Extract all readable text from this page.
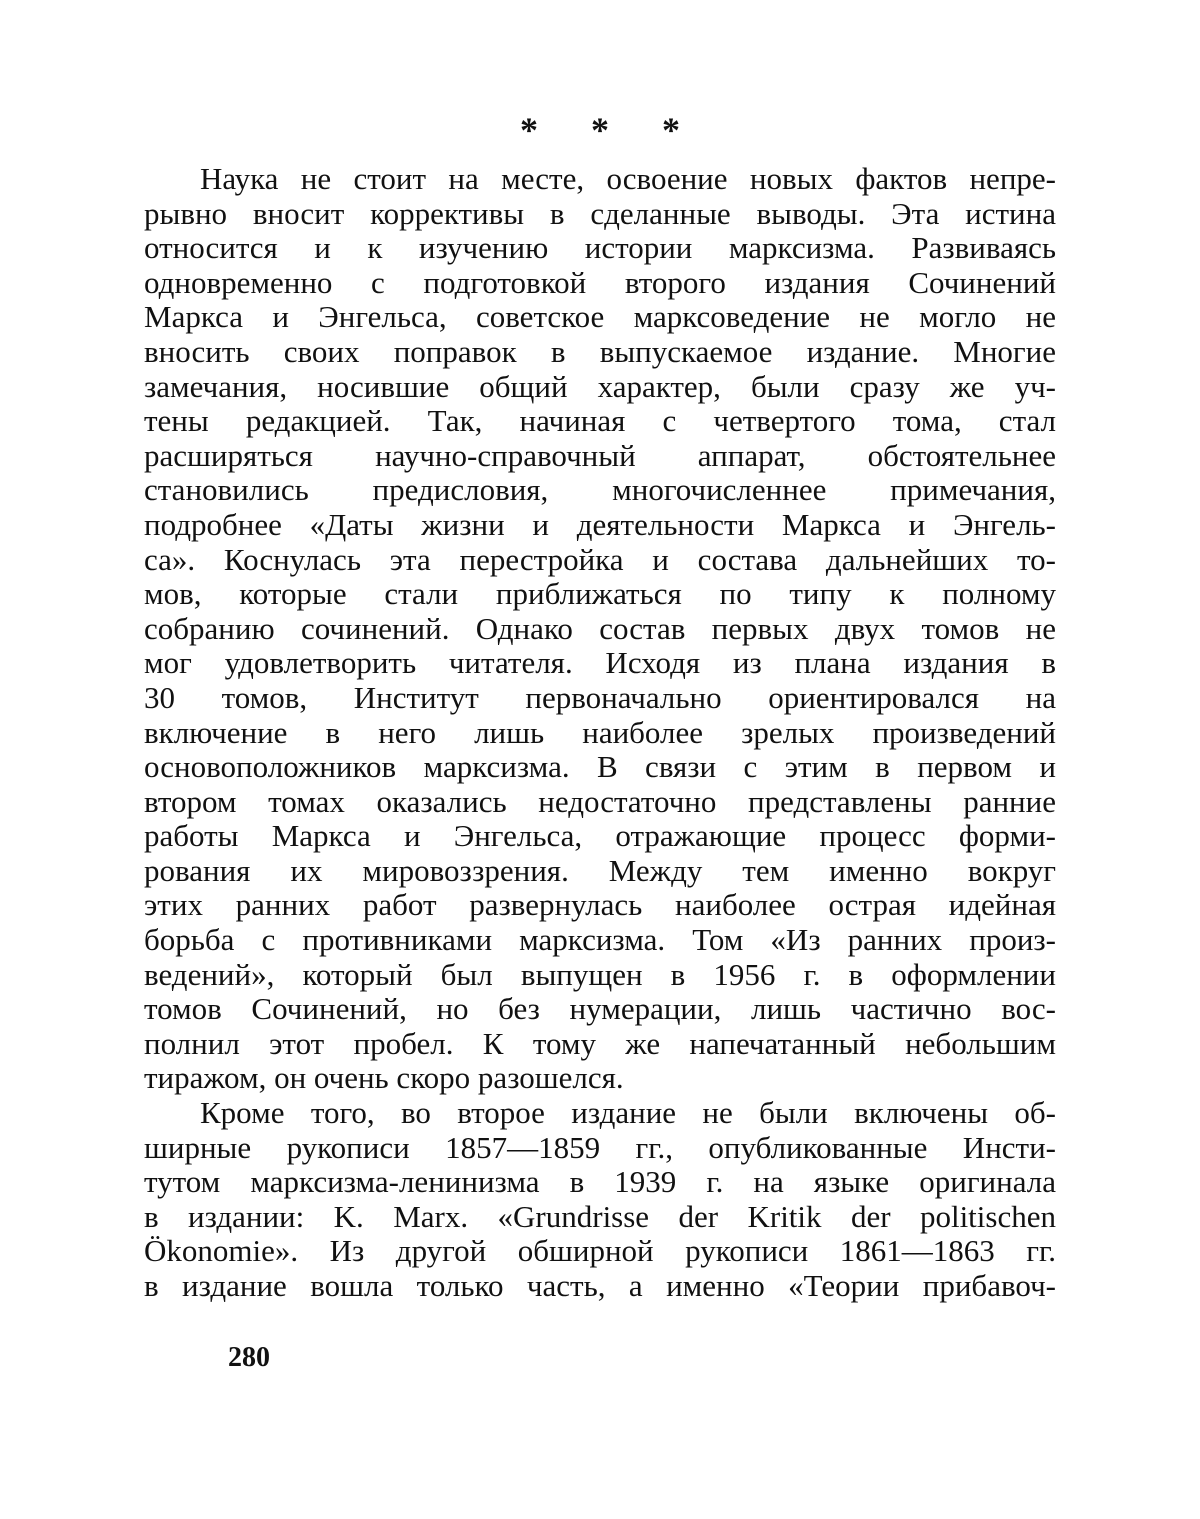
* * *
Наука не стоит на месте, освоение новых фактов непре-
рывно вносит коррективы в сделанные выводы. Эта истина
относится и к изучению истории марксизма. Развиваясь
одновременно с подготовкой второго издания Сочинений
Маркса и Энгельса, советское марксоведение не могло не
вносить своих поправок в выпускаемое издание. Многие
замечания, носившие общий характер, были сразу же уч-
тены редакцией. Так, начиная с четвертого тома, стал
расширяться научно-справочный аппарат, обстоятельнее
становились предисловия, многочисленнее примечания,
подробнее «Даты жизни и деятельности Маркса и Энгель-
са». Коснулась эта перестройка и состава дальнейших то-
мов, которые стали приближаться по типу к полному
собранию сочинений. Однако состав первых двух томов не
мог удовлетворить читателя. Исходя из плана издания в
30 томов, Институт первоначально ориентировался на
включение в него лишь наиболее зрелых произведений
основоположников марксизма. В связи с этим в первом и
втором томах оказались недостаточно представлены ранние
работы Маркса и Энгельса, отражающие процесс форми-
рования их мировоззрения. Между тем именно вокруг
этих ранних работ развернулась наиболее острая идейная
борьба с противниками марксизма. Том «Из ранних произ-
ведений», который был выпущен в 1956 г. в оформлении
томов Сочинений, но без нумерации, лишь частично вос-
полнил этот пробел. К тому же напечатанный небольшим
тиражом, он очень скоро разошелся.
Кроме того, во второе издание не были включены об-
ширные рукописи 1857—1859 гг., опубликованные Инсти-
тутом марксизма-ленинизма в 1939 г. на языке оригинала
в издании: K. Marx. «Grundrisse der Kritik der politischen
Ökonomie». Из другой обширной рукописи 1861—1863 гг.
в издание вошла только часть, а именно «Теории прибавоч-
280
